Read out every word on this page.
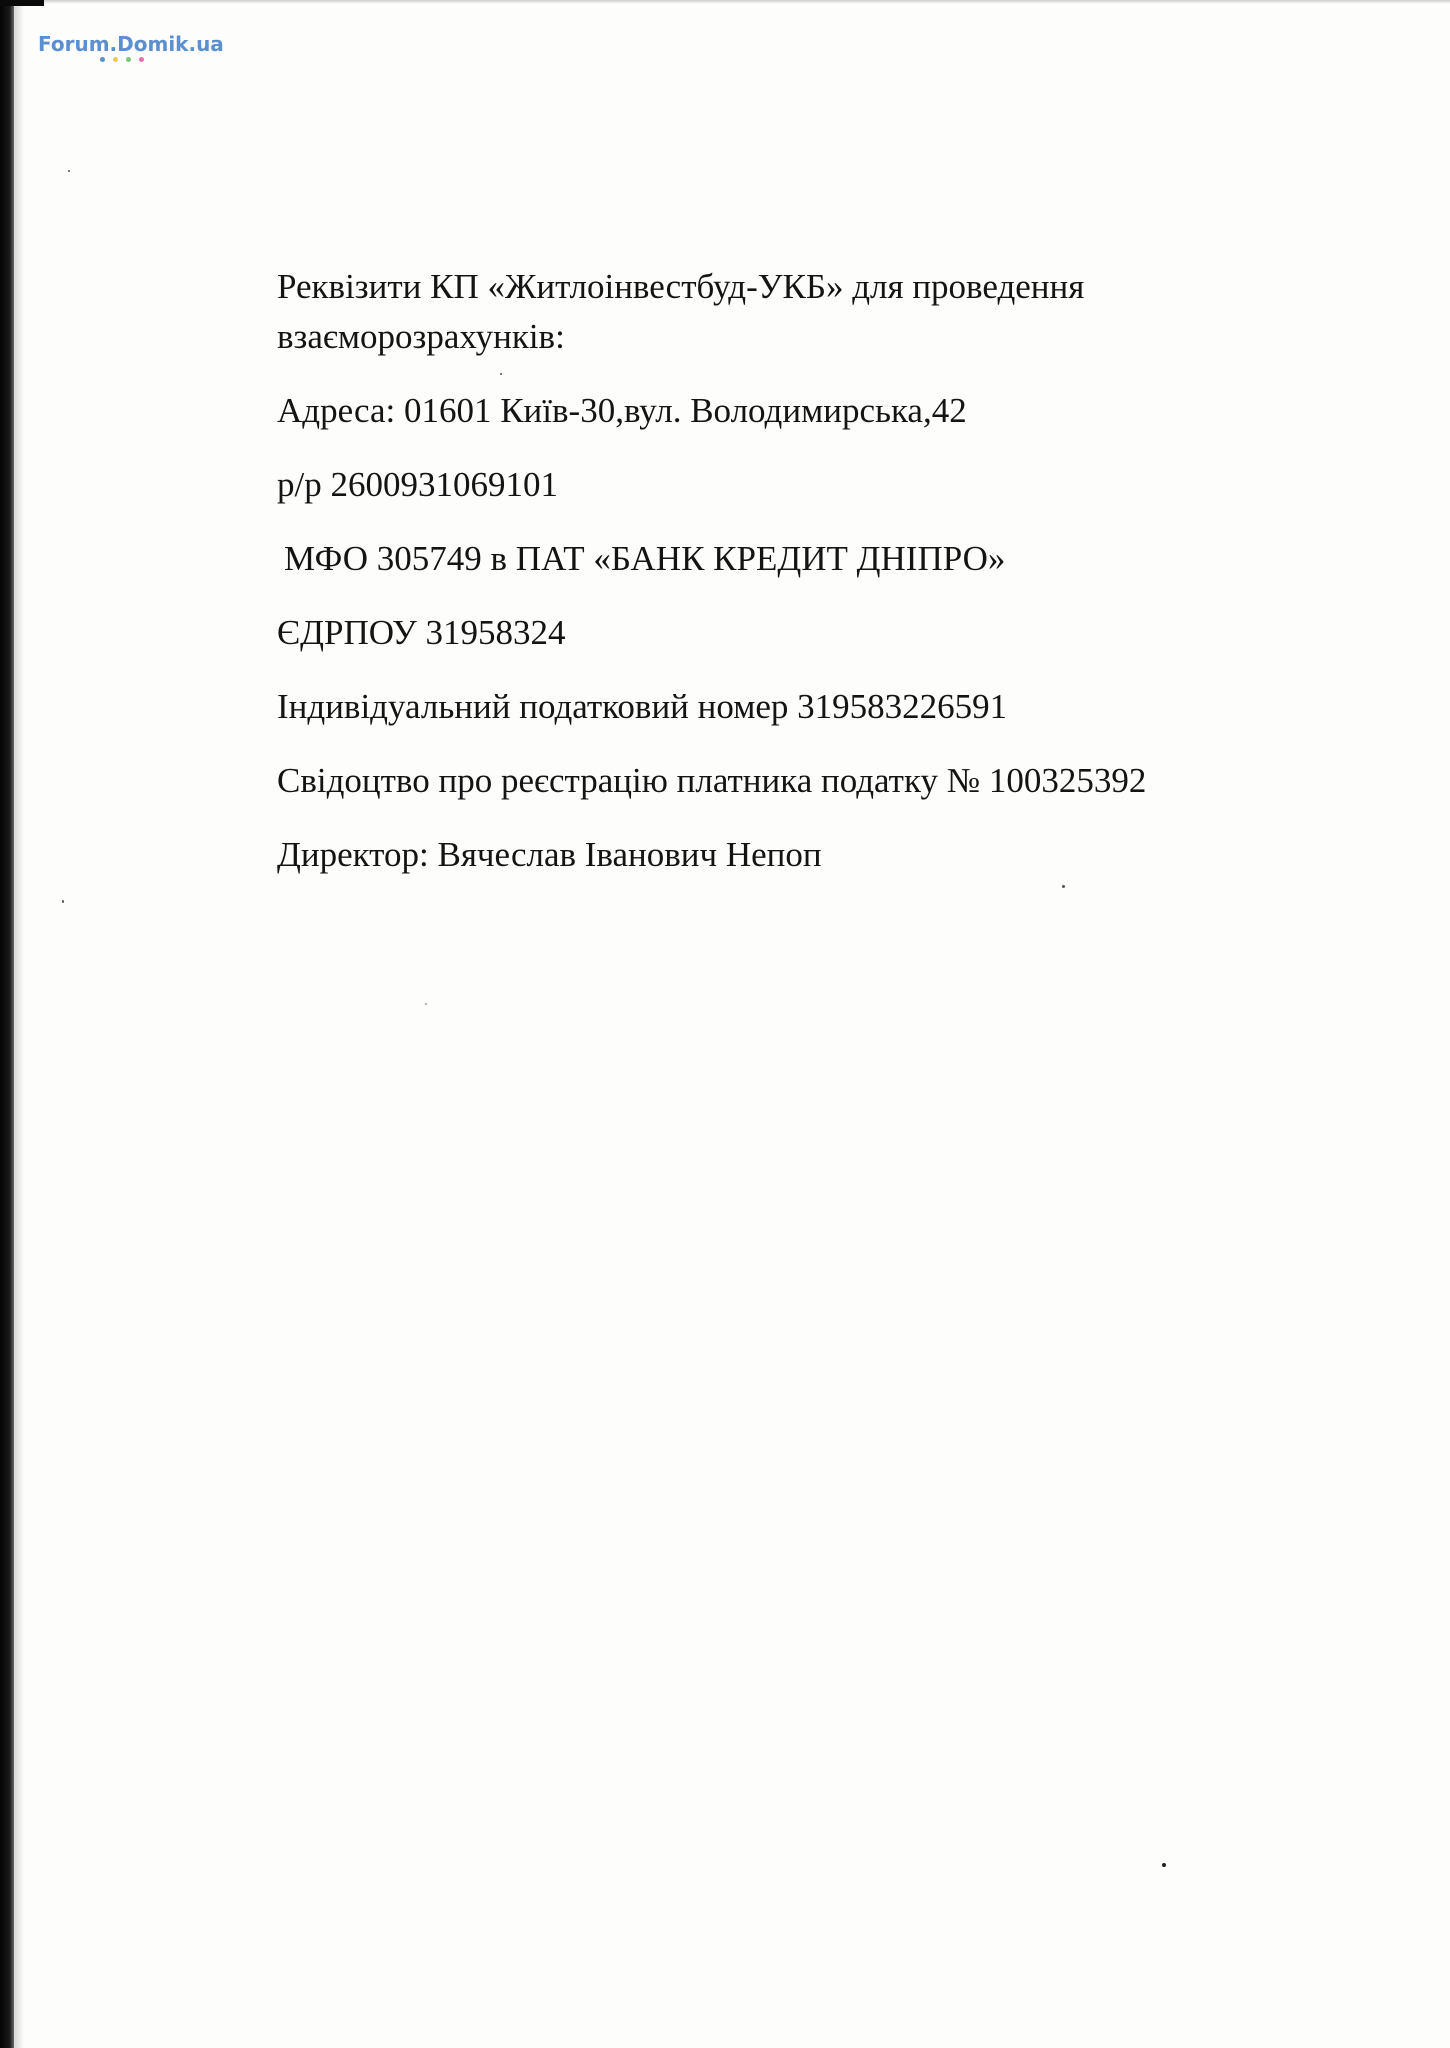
Forum.Domik.ua

Реквізити КП «Житлоінвестбуд-УКБ» для проведення

взаєморозрахунків:

Адреса: 01601 Київ-30,вул. Володимирська,42

р/р 2600931069101

МФО 305749 в ПАТ «БАНК КРЕДИТ ДНІПРО»

ЄДРПОУ 31958324

Індивідуальний податковий номер 319583226591

Свідоцтво про реєстрацію платника податку № 100325392

Директор: Вячеслав Іванович Непоп
